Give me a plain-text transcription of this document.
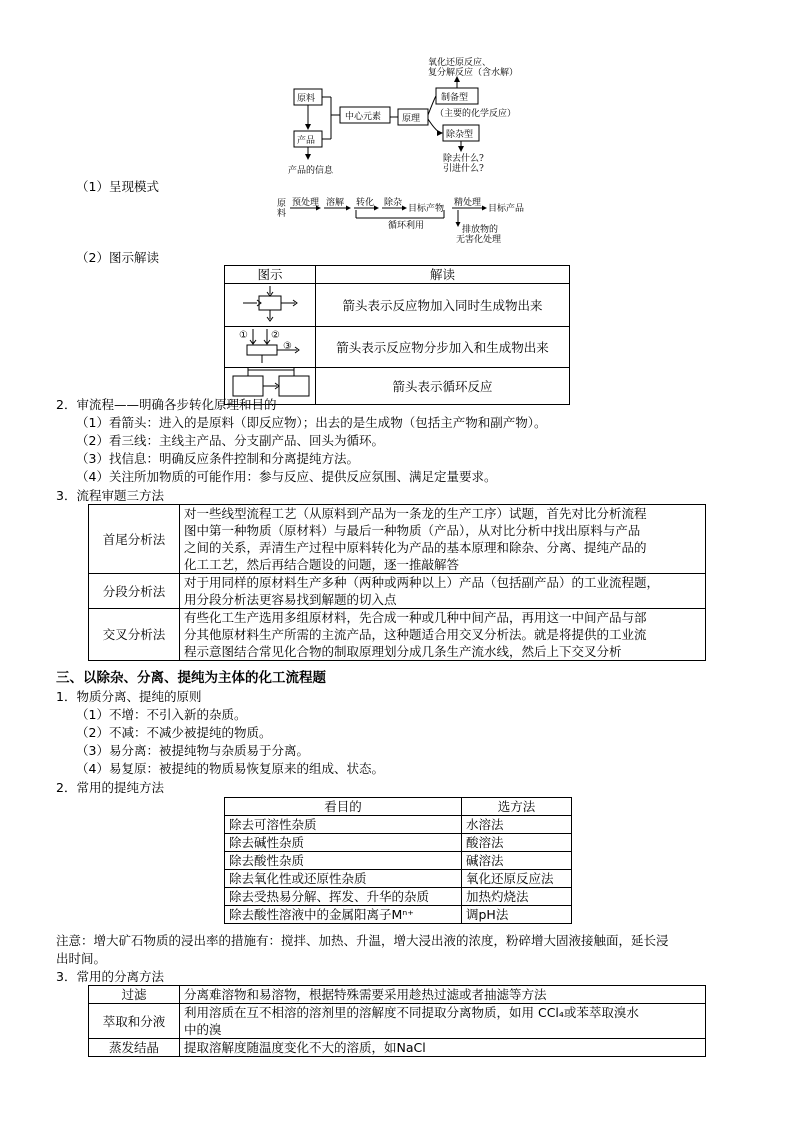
原料
产品
产品的信息
中心元素 原理
制备型
氧化还原反应、
复分解反应（含水解）
（主要的化学反应）
除杂型
除去什么?
引进什么?
（1）呈现模式
原
料
预处理 溶解 转化 除杂
目标产物
精处理
目标产品
循环利用	排放物的
无害化处理
（2）图示解读
图示	解读
	箭头表示反应物加入同时生成物出来

① ②
③	箭头表示反应物分步加入和生成物出来
	箭头表示循环反应
2．审流程——明确各步转化原理和目的
（1）看箭头：进入的是原料（即反应物）；出去的是生成物（包括主产物和副产物）。
（2）看三线：主线主产品、分支副产品、回头为循环。
（3）找信息：明确反应条件控制和分离提纯方法。
（4）关注所加物质的可能作用：参与反应、提供反应氛围、满足定量要求。
3．流程审题三方法
首尾分析法	对一些线型流程工艺（从原料到产品为一条龙的生产工序）试题，首先对比分析流程
图中第一种物质（原材料）与最后一种物质（产品），从对比分析中找出原料与产品
之间的关系，弄清生产过程中原料转化为产品的基本原理和除杂、分离、提纯产品的
化工工艺，然后再结合题设的问题，逐一推敲解答

分段分析法	对于用同样的原材料生产多种（两种或两种以上）产品（包括副产品）的工业流程题，
用分段分析法更容易找到解题的切入点

交叉分析法	有些化工生产选用多组原材料，先合成一种或几种中间产品，再用这一中间产品与部
分其他原材料生产所需的主流产品，这种题适合用交叉分析法。就是将提供的工业流
程示意图结合常见化合物的制取原理划分成几条生产流水线，然后上下交叉分析
三、以除杂、分离、提纯为主体的化工流程题
1．物质分离、提纯的原则
（1）不增：不引入新的杂质。
（2）不减：不减少被提纯的物质。
（3）易分离：被提纯物与杂质易于分离。
（4）易复原：被提纯的物质易恢复原来的组成、状态。
2．常用的提纯方法
看目的	选方法
除去可溶性杂质	水溶法
除去碱性杂质	酸溶法
除去酸性杂质	碱溶法
除去氧化性或还原性杂质	氧化还原反应法
除去受热易分解、挥发、升华的杂质	加热灼烧法
除去酸性溶液中的金属阳离子Mⁿ⁺	调pH法
注意：增大矿石物质的浸出率的措施有：搅拌、加热、升温，增大浸出液的浓度，粉碎增大固液接触面，延长浸
出时间。
3．常用的分离方法
过滤	分离难溶物和易溶物，根据特殊需要采用趁热过滤或者抽滤等方法
萃取和分液	利用溶质在互不相溶的溶剂里的溶解度不同提取分离物质，如用 CCl₄或苯萃取溴水
中的溴

蒸发结晶	提取溶解度随温度变化不大的溶质，如NaCl
